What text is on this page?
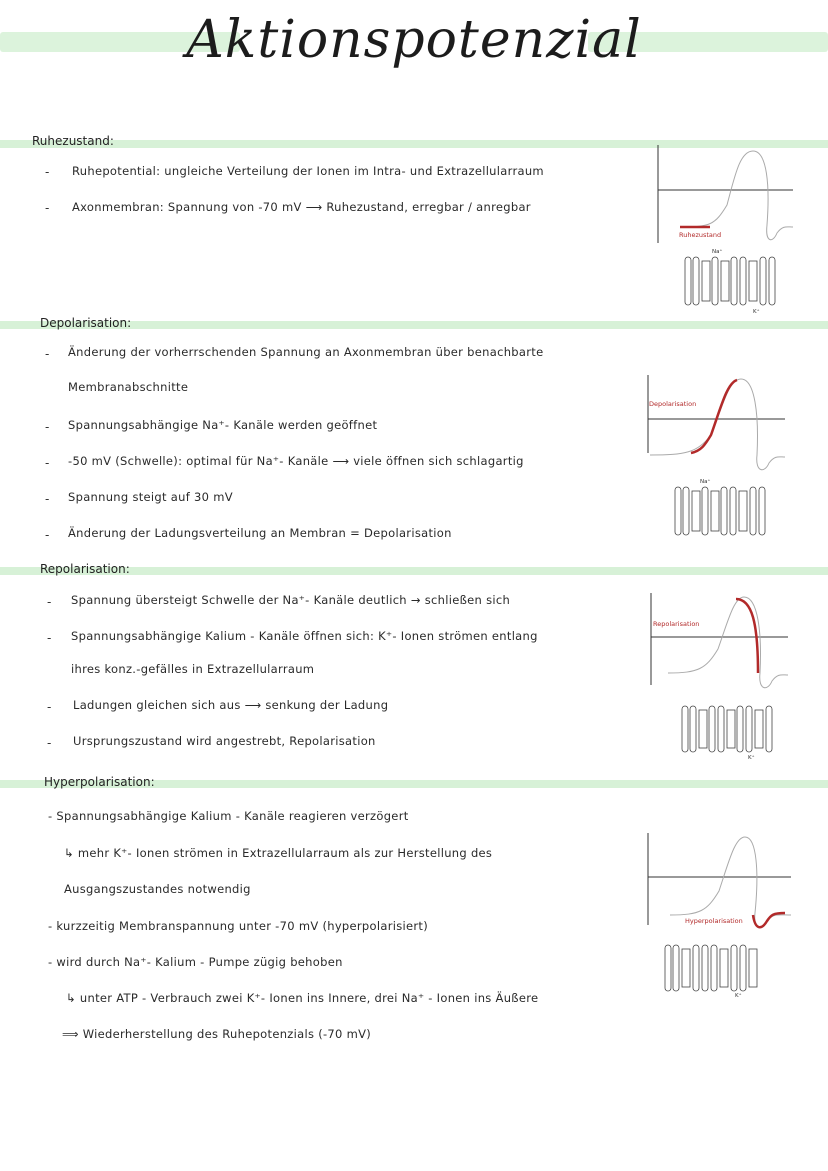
Aktionspotenzial
Ruhezustand:
- Ruhepotential: ungleiche Verteilung der Ionen im Intra- und Extrazellularraum
- Axonmembran: Spannung von -70 mV ⟶ Ruhezustand, erregbar / anregbar
Ruhezustand
Na⁺
K⁺
Depolarisation:
- Änderung der vorherrschenden Spannung an Axonmembran über benachbarte
Membranabschnitte
- Spannungsabhängige Na⁺- Kanäle werden geöffnet
- -50 mV (Schwelle): optimal für Na⁺- Kanäle ⟶ viele öffnen sich schlagartig
- Spannung steigt auf 30 mV
- Änderung der Ladungsverteilung an Membran = Depolarisation
Depolarisation
Na⁺
Repolarisation:
- Spannung übersteigt Schwelle der Na⁺- Kanäle deutlich → schließen sich
- Spannungsabhängige Kalium - Kanäle öffnen sich: K⁺- Ionen strömen entlang
ihres konz.-gefälles in Extrazellularraum
- Ladungen gleichen sich aus ⟶ senkung der Ladung
- Ursprungszustand wird angestrebt, Repolarisation
Repolarisation
K⁺
Hyperpolarisation:
- Spannungsabhängige Kalium - Kanäle reagieren verzögert
↳ mehr K⁺- Ionen strömen in Extrazellularraum als zur Herstellung des
Ausgangszustandes notwendig
- kurzzeitig Membranspannung unter -70 mV (hyperpolarisiert)
- wird durch Na⁺- Kalium - Pumpe zügig behoben
↳ unter ATP - Verbrauch zwei K⁺- Ionen ins Innere, drei Na⁺ - Ionen ins Äußere
⟹ Wiederherstellung des Ruhepotenzials (-70 mV)
Hyperpolarisation
K⁺
